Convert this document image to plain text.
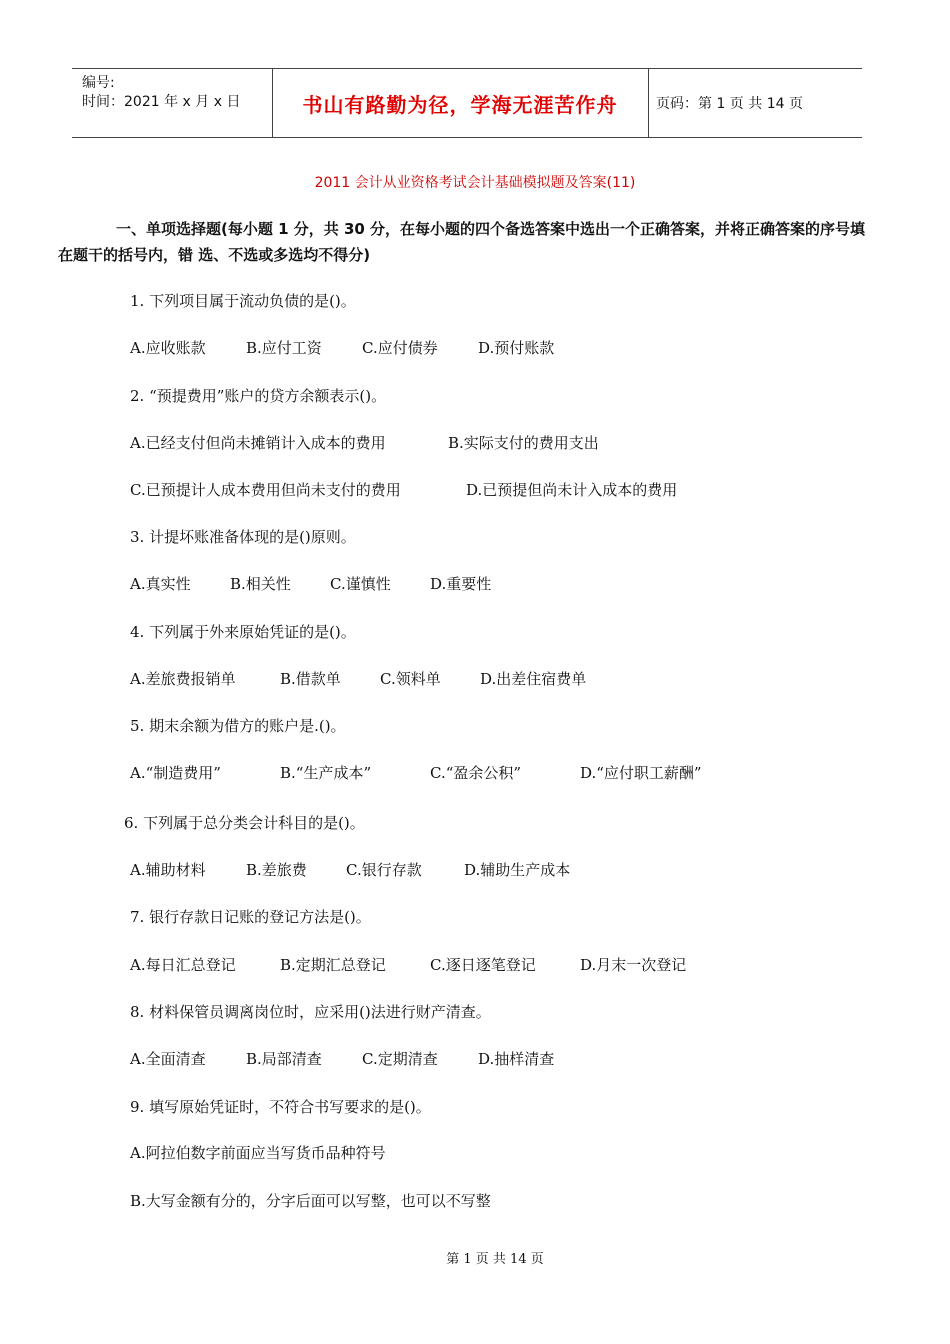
编号:
时间：2021 年 x 月 x 日	书山有路勤为径，学海无涯苦作舟	页码：第 1 页 共 14 页
2011 会计从业资格考试会计基础模拟题及答案(11)
一、单项选择题(每小题 1 分，共 30 分，在每小题的四个备选答案中选出一个正确答案，并将正确答案的序号填在题干的括号内，错 选、不选或多选均不得分)
1. 下列项目属于流动负债的是()。
A.应收账款	B.应付工资	C.应付债券	D.预付账款
2. “预提费用”账户的贷方余额表示()。
A.已经支付但尚未摊销计入成本的费用	B.实际支付的费用支出
C.已预提计人成本费用但尚未支付的费用	D.已预提但尚未计入成本的费用
3. 计提坏账准备体现的是()原则。
A.真实性	B.相关性	C.谨慎性	D.重要性
4. 下列属于外来原始凭证的是()。
A.差旅费报销单	B.借款单	C.领料单	D.出差住宿费单
5. 期末余额为借方的账户是.()。
A.“制造费用”	B.“生产成本”	C.“盈余公积”	D.“应付职工薪酬”
6. 下列属于总分类会计科目的是()。
A.辅助材料	B.差旅费	C.银行存款	D.辅助生产成本
7. 银行存款日记账的登记方法是()。
A.每日汇总登记	B.定期汇总登记	C.逐日逐笔登记	D.月末一次登记
8. 材料保管员调离岗位时，应采用()法进行财产清查。
A.全面清查	B.局部清查	C.定期清查	D.抽样清查
9. 填写原始凭证时，不符合书写要求的是()。
A.阿拉伯数字前面应当写货币品种符号
B.大写金额有分的，分字后面可以写整，也可以不写整
第 1 页 共 14 页
